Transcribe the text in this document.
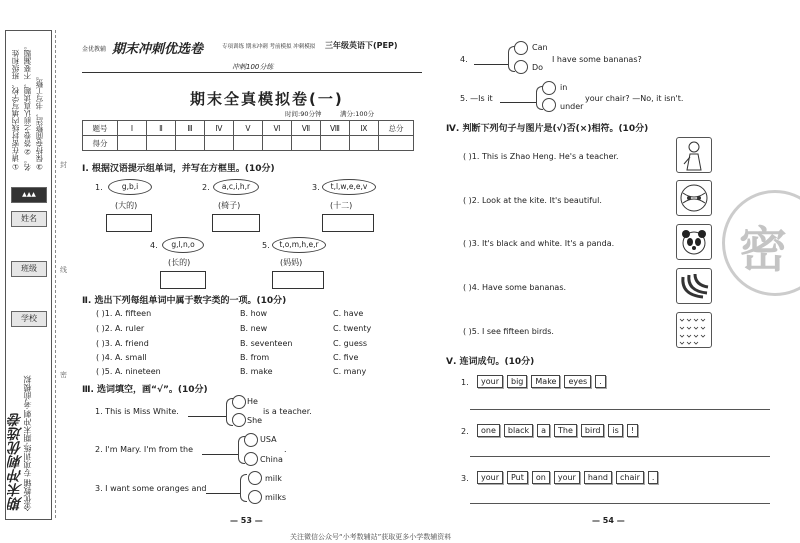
①请在密封线内填写学校、班级和姓名。②答卷之前认真读题，不要漏题。③保持卷面整洁，书写工整。
▲▲▲
姓名
班级
学校
期末冲刺优选卷
金优教辅 专项训练·期末冲刺·考前模拟
封
线
密
金优教辅 期末冲刺优选卷	专项训练 期末冲刺 考前模拟 冲刺模拟 三年级英语下(PEP)
冲刺100分练
期末全真模拟卷(一)
时间:90分钟	满分:100分
题号	Ⅰ	Ⅱ	Ⅲ	Ⅳ	Ⅴ	Ⅵ	Ⅶ	Ⅷ	Ⅸ	总分
得分										
Ⅰ. 根据汉语提示组单词，并写在方框里。(10分)
1.	g,b,i
(大的)
2.	a,c,i,h,r
(椅子)
3.	t,l,w,e,e,v
(十二)
4.	g,l,n,o
(长的)
5.	t,o,m,h,e,r
(妈妈)
Ⅱ. 选出下列每组单词中属于数字类的一项。(10分)
( )1. A. fifteen	B. how	C. have
( )2. A. ruler	B. new	C. twenty
( )3. A. friend	B. seventeen	C. guess
( )4. A. small	B. from	C. five
( )5. A. nineteen	B. make	C. many
Ⅲ. 选词填空，画“√”。(10分)
1. This is Miss White.
He
She
is a teacher.
2. I'm Mary. I'm from the
USA
China
.
3. I want some oranges and
milk
milks
— 53 —
4.
Can
Do
I have some bananas?
5. —Is it
in
under
your chair? —No, it isn't.
Ⅳ. 判断下列句子与图片是(√)否(×)相符。(10分)
( )1. This is Zhao Heng. He's a teacher.
( )2. Look at the kite. It's beautiful.
( )3. It's black and white. It's a panda.
( )4. Have some bananas.
( )5. I see fifteen birds.
密
Ⅴ. 连词成句。(10分)
1.	your big Make eyes .
2.	one black a The bird is !
3.	your Put on your hand chair .
— 54 —
关注微信公众号“小考数辅站”获取更多小学数辅资料
